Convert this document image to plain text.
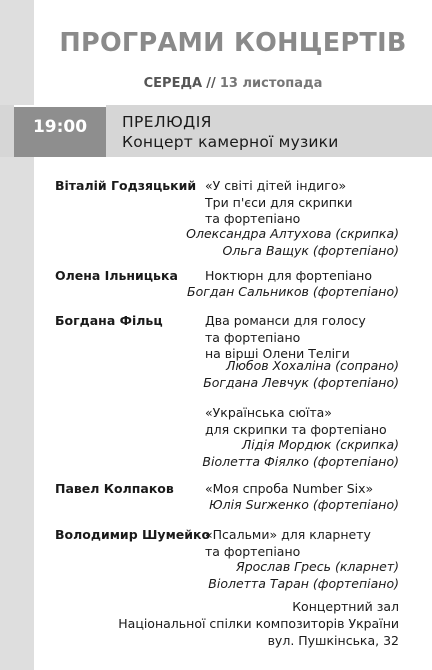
ПРОГРАМИ КОНЦЕРТІВ
СЕРЕДА // 13 листопада
19:00	ПРЕЛЮДІЯ
Концерт камерної музики
Віталій Годзяцький «У світі дітей індиго»
Три п'єси для скрипки
та фортепіано
Олександра Алтухова (скрипка)
Ольга Ващук (фортепіано)
Олена Ільницька Ноктюрн для фортепіано
Богдан Сальников (фортепіано)
Богдана Фільц	Два романси для голосу
та фортепіано
на вірші Олени Теліги
Любов Хохаліна (сопрано)
Богдана Левчук (фортепіано)
«Українська сюїта»
для скрипки та фортепіано
Лідія Мордюк (скрипка)
Віолетта Фіялко (фортепіано)
Павел Колпаков «Моя спроба Number Six»
Юлія Surженко (фортепіано)
Володимир Шумейко
«Псальми» для кларнету
та фортепіано
Ярослав Гресь (кларнет)
Віолетта Таран (фортепіано)
Концертний зал
Національної спілки композиторів України
вул. Пушкінська, 32
